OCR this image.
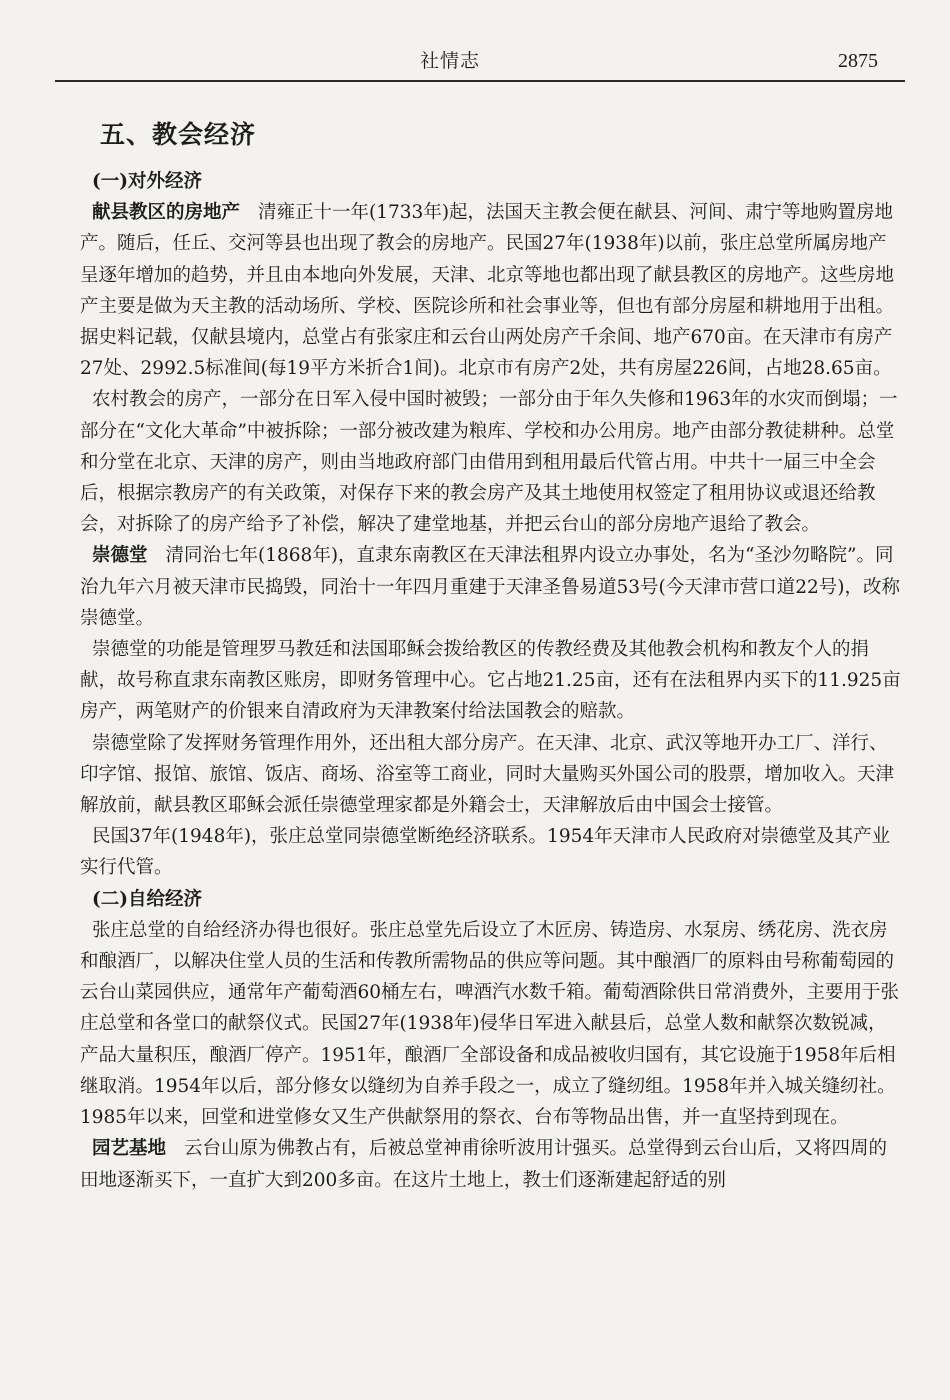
社情志	2875
五、教会经济
(一)对外经济

献县教区的房地产 清雍正十一年(1733年)起，法国天主教会便在献县、河间、肃宁等地购置房地产。随后，任丘、交河等县也出现了教会的房地产。民国27年(1938年)以前，张庄总堂所属房地产呈逐年增加的趋势，并且由本地向外发展，天津、北京等地也都出现了献县教区的房地产。这些房地产主要是做为天主教的活动场所、学校、医院诊所和社会事业等，但也有部分房屋和耕地用于出租。据史料记载，仅献县境内，总堂占有张家庄和云台山两处房产千余间、地产670亩。在天津市有房产27处、2992.5标准间(每19平方米折合1间)。北京市有房产2处，共有房屋226间，占地28.65亩。

农村教会的房产，一部分在日军入侵中国时被毁；一部分由于年久失修和1963年的水灾而倒塌；一部分在“文化大革命”中被拆除；一部分被改建为粮库、学校和办公用房。地产由部分教徒耕种。总堂和分堂在北京、天津的房产，则由当地政府部门由借用到租用最后代管占用。中共十一届三中全会后，根据宗教房产的有关政策，对保存下来的教会房产及其土地使用权签定了租用协议或退还给教会，对拆除了的房产给予了补偿，解决了建堂地基，并把云台山的部分房地产退给了教会。

崇德堂 清同治七年(1868年)，直隶东南教区在天津法租界内设立办事处，名为“圣沙勿略院”。同治九年六月被天津市民捣毁，同治十一年四月重建于天津圣鲁易道53号(今天津市营口道22号)，改称崇德堂。

崇德堂的功能是管理罗马教廷和法国耶稣会拨给教区的传教经费及其他教会机构和教友个人的捐献，故号称直隶东南教区账房，即财务管理中心。它占地21.25亩，还有在法租界内买下的11.925亩房产，两笔财产的价银来自清政府为天津教案付给法国教会的赔款。

崇德堂除了发挥财务管理作用外，还出租大部分房产。在天津、北京、武汉等地开办工厂、洋行、印字馆、报馆、旅馆、饭店、商场、浴室等工商业，同时大量购买外国公司的股票，增加收入。天津解放前，献县教区耶稣会派任崇德堂理家都是外籍会士，天津解放后由中国会士接管。

民国37年(1948年)，张庄总堂同崇德堂断绝经济联系。1954年天津市人民政府对崇德堂及其产业实行代管。

(二)自给经济

张庄总堂的自给经济办得也很好。张庄总堂先后设立了木匠房、铸造房、水泵房、绣花房、洗衣房和酿酒厂，以解决住堂人员的生活和传教所需物品的供应等问题。其中酿酒厂的原料由号称葡萄园的云台山菜园供应，通常年产葡萄酒60桶左右，啤酒汽水数千箱。葡萄酒除供日常消费外，主要用于张庄总堂和各堂口的献祭仪式。民国27年(1938年)侵华日军进入献县后，总堂人数和献祭次数锐减，产品大量积压，酿酒厂停产。1951年，酿酒厂全部设备和成品被收归国有，其它设施于1958年后相继取消。1954年以后，部分修女以缝纫为自养手段之一，成立了缝纫组。1958年并入城关缝纫社。1985年以来，回堂和进堂修女又生产供献祭用的祭衣、台布等物品出售，并一直坚持到现在。

园艺基地 云台山原为佛教占有，后被总堂神甫徐听波用计强买。总堂得到云台山后，又将四周的田地逐渐买下，一直扩大到200多亩。在这片土地上，教士们逐渐建起舒适的别
